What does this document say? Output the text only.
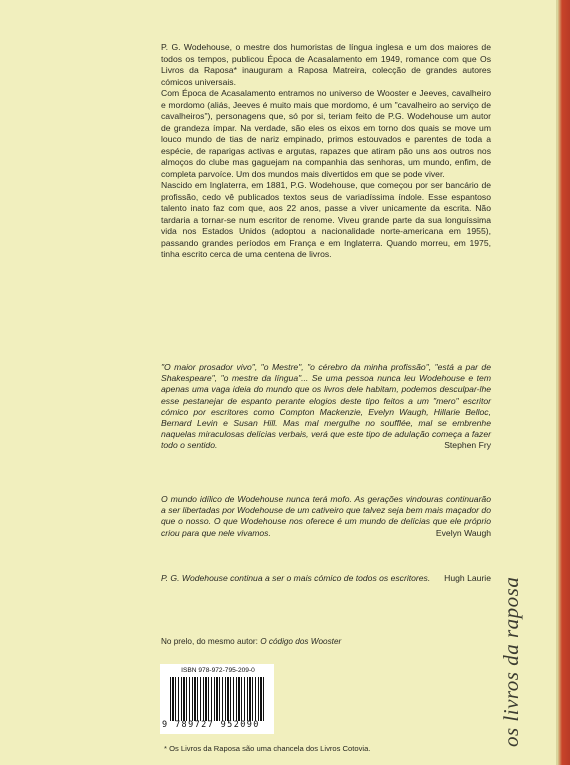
P. G. Wodehouse, o mestre dos humoristas de língua inglesa e um dos maiores de todos os tempos, publicou Época de Acasalamento em 1949, romance com que Os Livros da Raposa* inauguram a Raposa Matreira, colecção de grandes autores cómicos universais.

Com Época de Acasalamento entramos no universo de Wooster e Jeeves, cavalheiro e mordomo (aliás, Jeeves é muito mais que mordomo, é um "cavalheiro ao serviço de cavalheiros"), personagens que, só por si, teriam feito de P.G. Wodehouse um autor de grandeza ímpar. Na verdade, são eles os eixos em torno dos quais se move um louco mundo de tias de nariz empinado, primos estouvados e parentes de toda a espécie, de raparigas activas e argutas, rapazes que atiram pão uns aos outros nos almoços do clube mas gaguejam na companhia das senhoras, um mundo, enfim, de completa parvoíce. Um dos mundos mais divertidos em que se pode viver.

Nascido em Inglaterra, em 1881, P.G. Wodehouse, que começou por ser bancário de profissão, cedo vê publicados textos seus de variadíssima índole. Esse espantoso talento inato faz com que, aos 22 anos, passe a viver unicamente da escrita. Não tardaria a tornar-se num escritor de renome. Viveu grande parte da sua longuíssima vida nos Estados Unidos (adoptou a nacionalidade norte-americana em 1955), passando grandes períodos em França e em Inglaterra. Quando morreu, em 1975, tinha escrito cerca de uma centena de livros.

"O maior prosador vivo", "o Mestre", "o cérebro da minha profissão", "está a par de Shakespeare", "o mestre da língua"... Se uma pessoa nunca leu Wodehouse e tem apenas uma vaga ideia do mundo que os livros dele habitam, podemos desculpar-lhe esse pestanejar de espanto perante elogios deste tipo feitos a um "mero" escritor cómico por escritores como Compton Mackenzie, Evelyn Waugh, Hillarie Belloc, Bernard Levin e Susan Hill. Mas mal mergulhe no soufflée, mal se embrenhe naquelas miraculosas delícias verbais, verá que este tipo de adulação começa a fazer todo o sentido.	Stephen Fry
O mundo idílico de Wodehouse nunca terá mofo. As gerações vindouras continuarão a ser libertadas por Wodehouse de um cativeiro que talvez seja bem mais maçador do que o nosso. O que Wodehouse nos oferece é um mundo de delícias que ele próprio criou para que nele vivamos.	Evelyn Waugh
P. G. Wodehouse continua a ser o mais cómico de todos os escritores. Hugh Laurie
No prelo, do mesmo autor: O código dos Wooster
ISBN 978-972-795-209-0
9 789727 952090
* Os Livros da Raposa são uma chancela dos Livros Cotovia.
os livros da raposa
